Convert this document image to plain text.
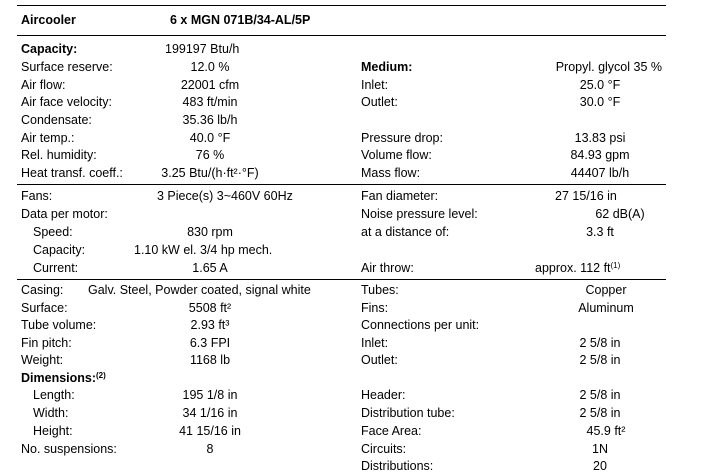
Aircooler	6 x MGN 071B/34-AL/5P
Capacity:	199197 Btu/h
Surface reserve:	12.0 %
Air flow:	22001 cfm
Air face velocity:	483 ft/min
Condensate:	35.36 lb/h
Air temp.:	40.0 °F
Rel. humidity:	76 %
Heat transf. coeff.:	3.25 Btu/(h·ft²·°F)
Medium:	Propyl. glycol 35 %
Inlet:	25.0 °F
Outlet:	30.0 °F
Pressure drop:	13.83 psi
Volume flow:	84.93 gpm
Mass flow:	44407 lb/h
Fans:	3 Piece(s) 3~460V 60Hz
Data per motor:
Speed:	830 rpm
Capacity:	1.10 kW el. 3/4 hp mech.
Current:	1.65 A
Fan diameter:	27 15/16 in
Noise pressure level:	62 dB(A)
at a distance of:	3.3 ft
Air throw:	approx. 112 $ft^{(1)}$
Casing: Galv. Steel, Powder coated, signal white
Surface:	5508 ft²
Tube volume:	2.93 ft³
Fin pitch:	6.3 FPI
Weight:	1168 lb
Dimensions:$^{(2)}$
Length:	195 1/8 in
Width:	34 1/16 in
Height:	41 15/16 in
No. suspensions:	8
Tubes:	Copper
Fins:	Aluminum
Connections per unit:
Inlet:	2 5/8 in
Outlet:	2 5/8 in
Header:	2 5/8 in
Distribution tube:	2 5/8 in
Face Area:	45.9 ft²
Circuits:	1N
Distributions:	20
